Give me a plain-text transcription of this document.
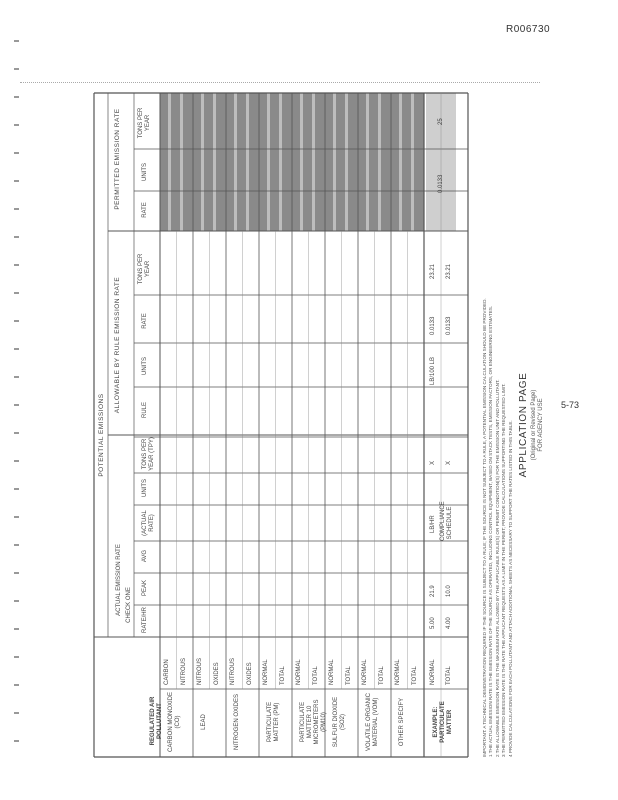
R006730
5-73
REGULATED AIR POLLUTANT
POTENTIAL EMISSIONS
ACTUAL EMISSION RATE CHECK ONE
ALLOWABLE BY RULE EMISSION RATE
PERMITTED EMISSION RATE
RATE/HR
PEAK
AVG
(ACTUAL RATE)
UNITS
TONS PER YEAR (TPY)
RULE
UNITS
RATE
TONS PER YEAR
RATE
UNITS
TONS PER YEAR
CARBON MONOXIDE (CO)
CARBON NITROUS
LEAD
NITROUS OXIDES
NITROGEN OXIDES
NITROUS OXIDES
PARTICULATE MATTER (PM)
NORMAL TOTAL
PARTICULATE MATTER 10 MICROMETERS (PM10)
NORMAL TOTAL
SULFUR DIOXIDE (SO2)
NORMAL TOTAL
VOLATILE ORGANIC MATERIAL (VOM)
NORMAL TOTAL
OTHER SPECIFY
NORMAL TOTAL
EXAMPLE: PARTICULATE MATTER
NORMAL TOTAL
5.00 4.00
21.9 10.0
LB/HR COMPLIANCE SCHEDULE
X X
LB/100 LB
0.0133 0.0133
23.21 23.21
0.0133
25
IMPORTANT: A TECHNICAL DEMONSTRATION REQUIRED IF THE SOURCE IS SUBJECT TO A RULE; IF THE SOURCE IS NOT SUBJECT TO A RULE, A POTENTIAL EMISSION CALCULATION SHOULD BE PROVIDED. 1 THE ACTUAL EMISSION RATE IS THE EMISSION RATE OF THE SOURCE AS OPERATED, INCLUDING CONTROL EQUIPMENT, BASED ON STACK TESTS, EMISSION FACTORS, OR ENGINEERING ESTIMATES. 2 THE ALLOWABLE EMISSION RATE IS THE MAXIMUM RATE ALLOWED BY THE APPLICABLE RULE(S) OR PERMIT CONDITION(S) FOR THE EMISSION UNIT AND POLLUTANT. 3 THE PERMITTED EMISSION RATE IS THE RATE THE APPLICANT REQUESTS AS A LIMIT IN THE PERMIT; PROVIDE CALCULATIONS SUPPORTING THE REQUESTED LIMIT. 4 PROVIDE CALCULATIONS FOR EACH POLLUTANT AND ATTACH ADDITIONAL SHEETS AS NECESSARY TO SUPPORT THE RATES LISTED IN THIS TABLE. APPLICATION PAGE (Original or Revised Page) FOR AGENCY USE
